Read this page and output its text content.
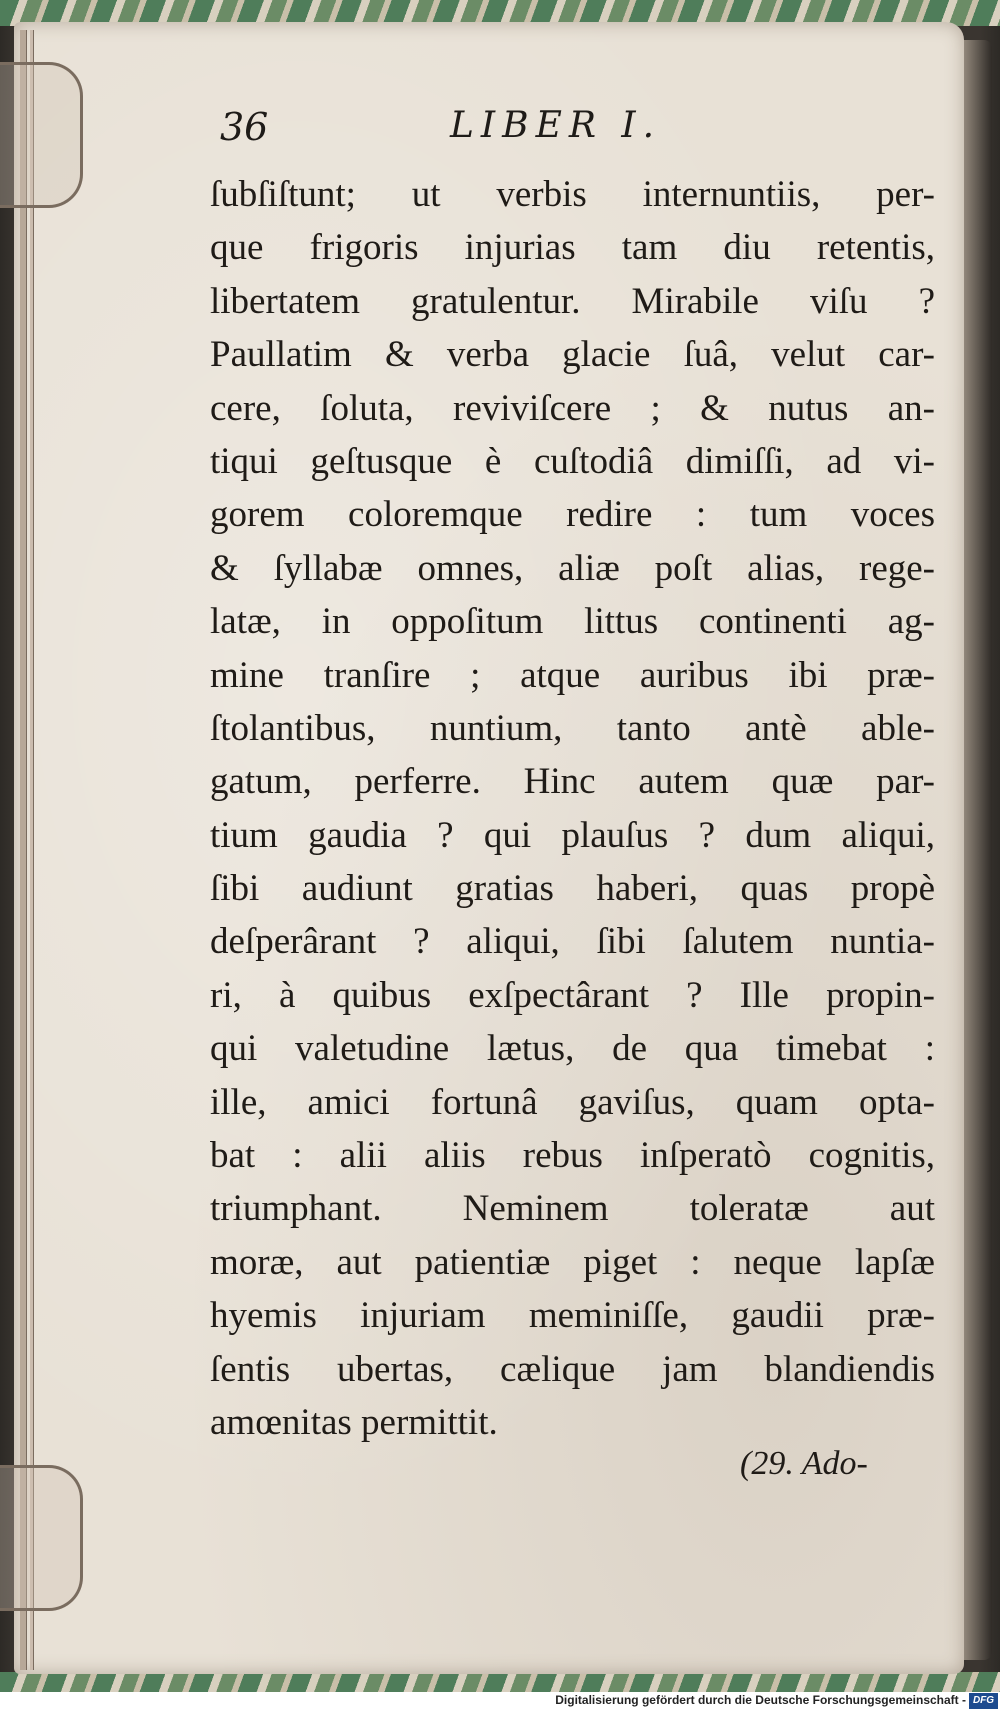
36	LIBER I.
ſubſiſtunt; ut verbis internuntiis, per-
que frigoris injurias tam diu retentis,
libertatem gratulentur. Mirabile viſu ?
Paullatim & verba glacie ſuâ, velut car-
cere, ſoluta, reviviſcere ; & nutus an-
tiqui geſtusque è cuſtodiâ dimiſſi, ad vi-
gorem coloremque redire : tum voces
& ſyllabæ omnes, aliæ poſt alias, rege-
latæ, in oppoſitum littus continenti ag-
mine tranſire ; atque auribus ibi præ-
ſtolantibus, nuntium, tanto antè able-
gatum, perferre. Hinc autem quæ par-
tium gaudia ? qui plauſus ? dum aliqui,
ſibi audiunt gratias haberi, quas propè
deſperârant ? aliqui, ſibi ſalutem nuntia-
ri, à quibus exſpectârant ? Ille propin-
qui valetudine lætus, de qua timebat :
ille, amici fortunâ gaviſus, quam opta-
bat : alii aliis rebus inſperatò cognitis,
triumphant. Neminem toleratæ aut
moræ, aut patientiæ piget : neque lapſæ
hyemis injuriam meminiſſe, gaudii præ-
ſentis ubertas, cælique jam blandiendis
amœnitas permittit.
(29. Ado-
Digitalisierung gefördert durch die Deutsche Forschungsgemeinschaft - DFG
